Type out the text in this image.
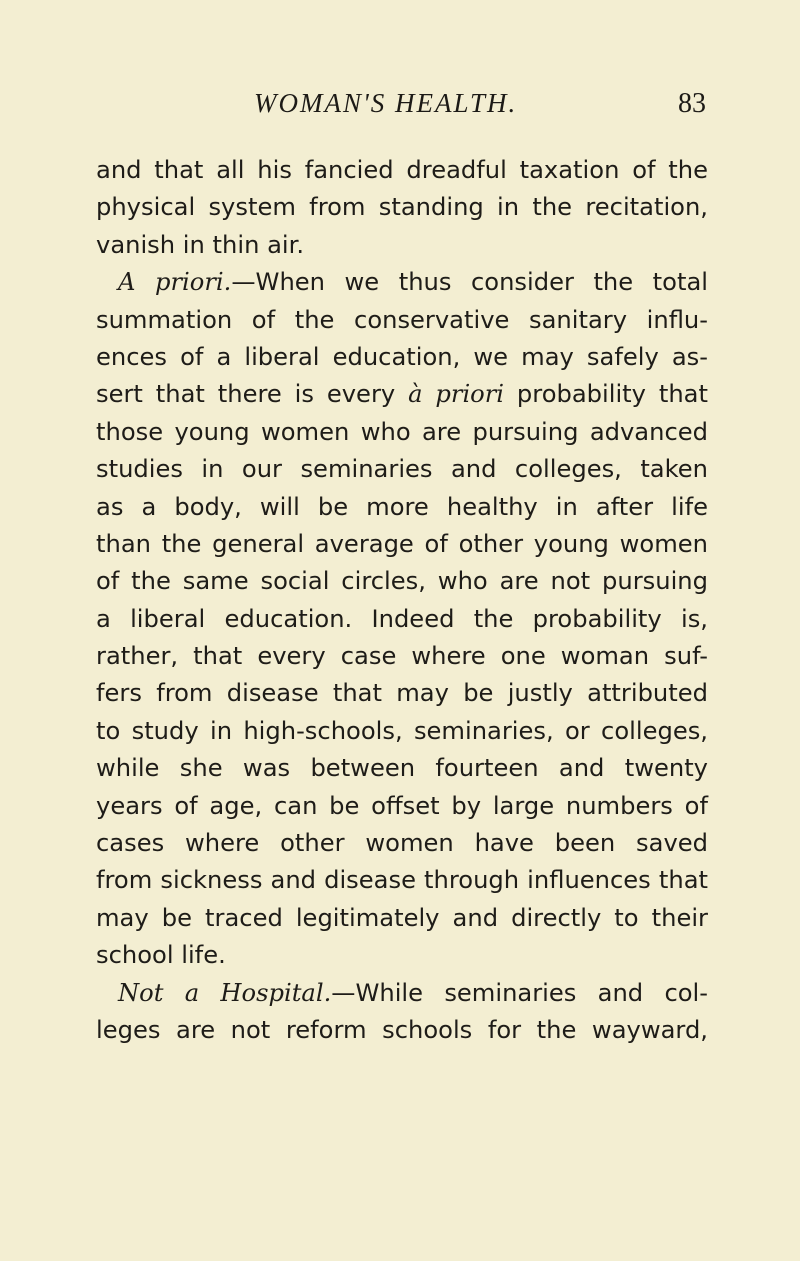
WOMAN'S HEALTH.	83
and that all his fancied dreadful taxation of the
physical system from standing in the recitation,
vanish in thin air.
A priori.—When we thus consider the total
summation of the conservative sanitary influ-
ences of a liberal education, we may safely as-
sert that there is every à priori probability that
those young women who are pursuing advanced
studies in our seminaries and colleges, taken
as a body, will be more healthy in after life
than the general average of other young women
of the same social circles, who are not pursuing
a liberal education. Indeed the probability is,
rather, that every case where one woman suf-
fers from disease that may be justly attributed
to study in high-schools, seminaries, or colleges,
while she was between fourteen and twenty
years of age, can be offset by large numbers of
cases where other women have been saved
from sickness and disease through influences that
may be traced legitimately and directly to their
school life.
Not a Hospital.—While seminaries and col-
leges are not reform schools for the wayward,
